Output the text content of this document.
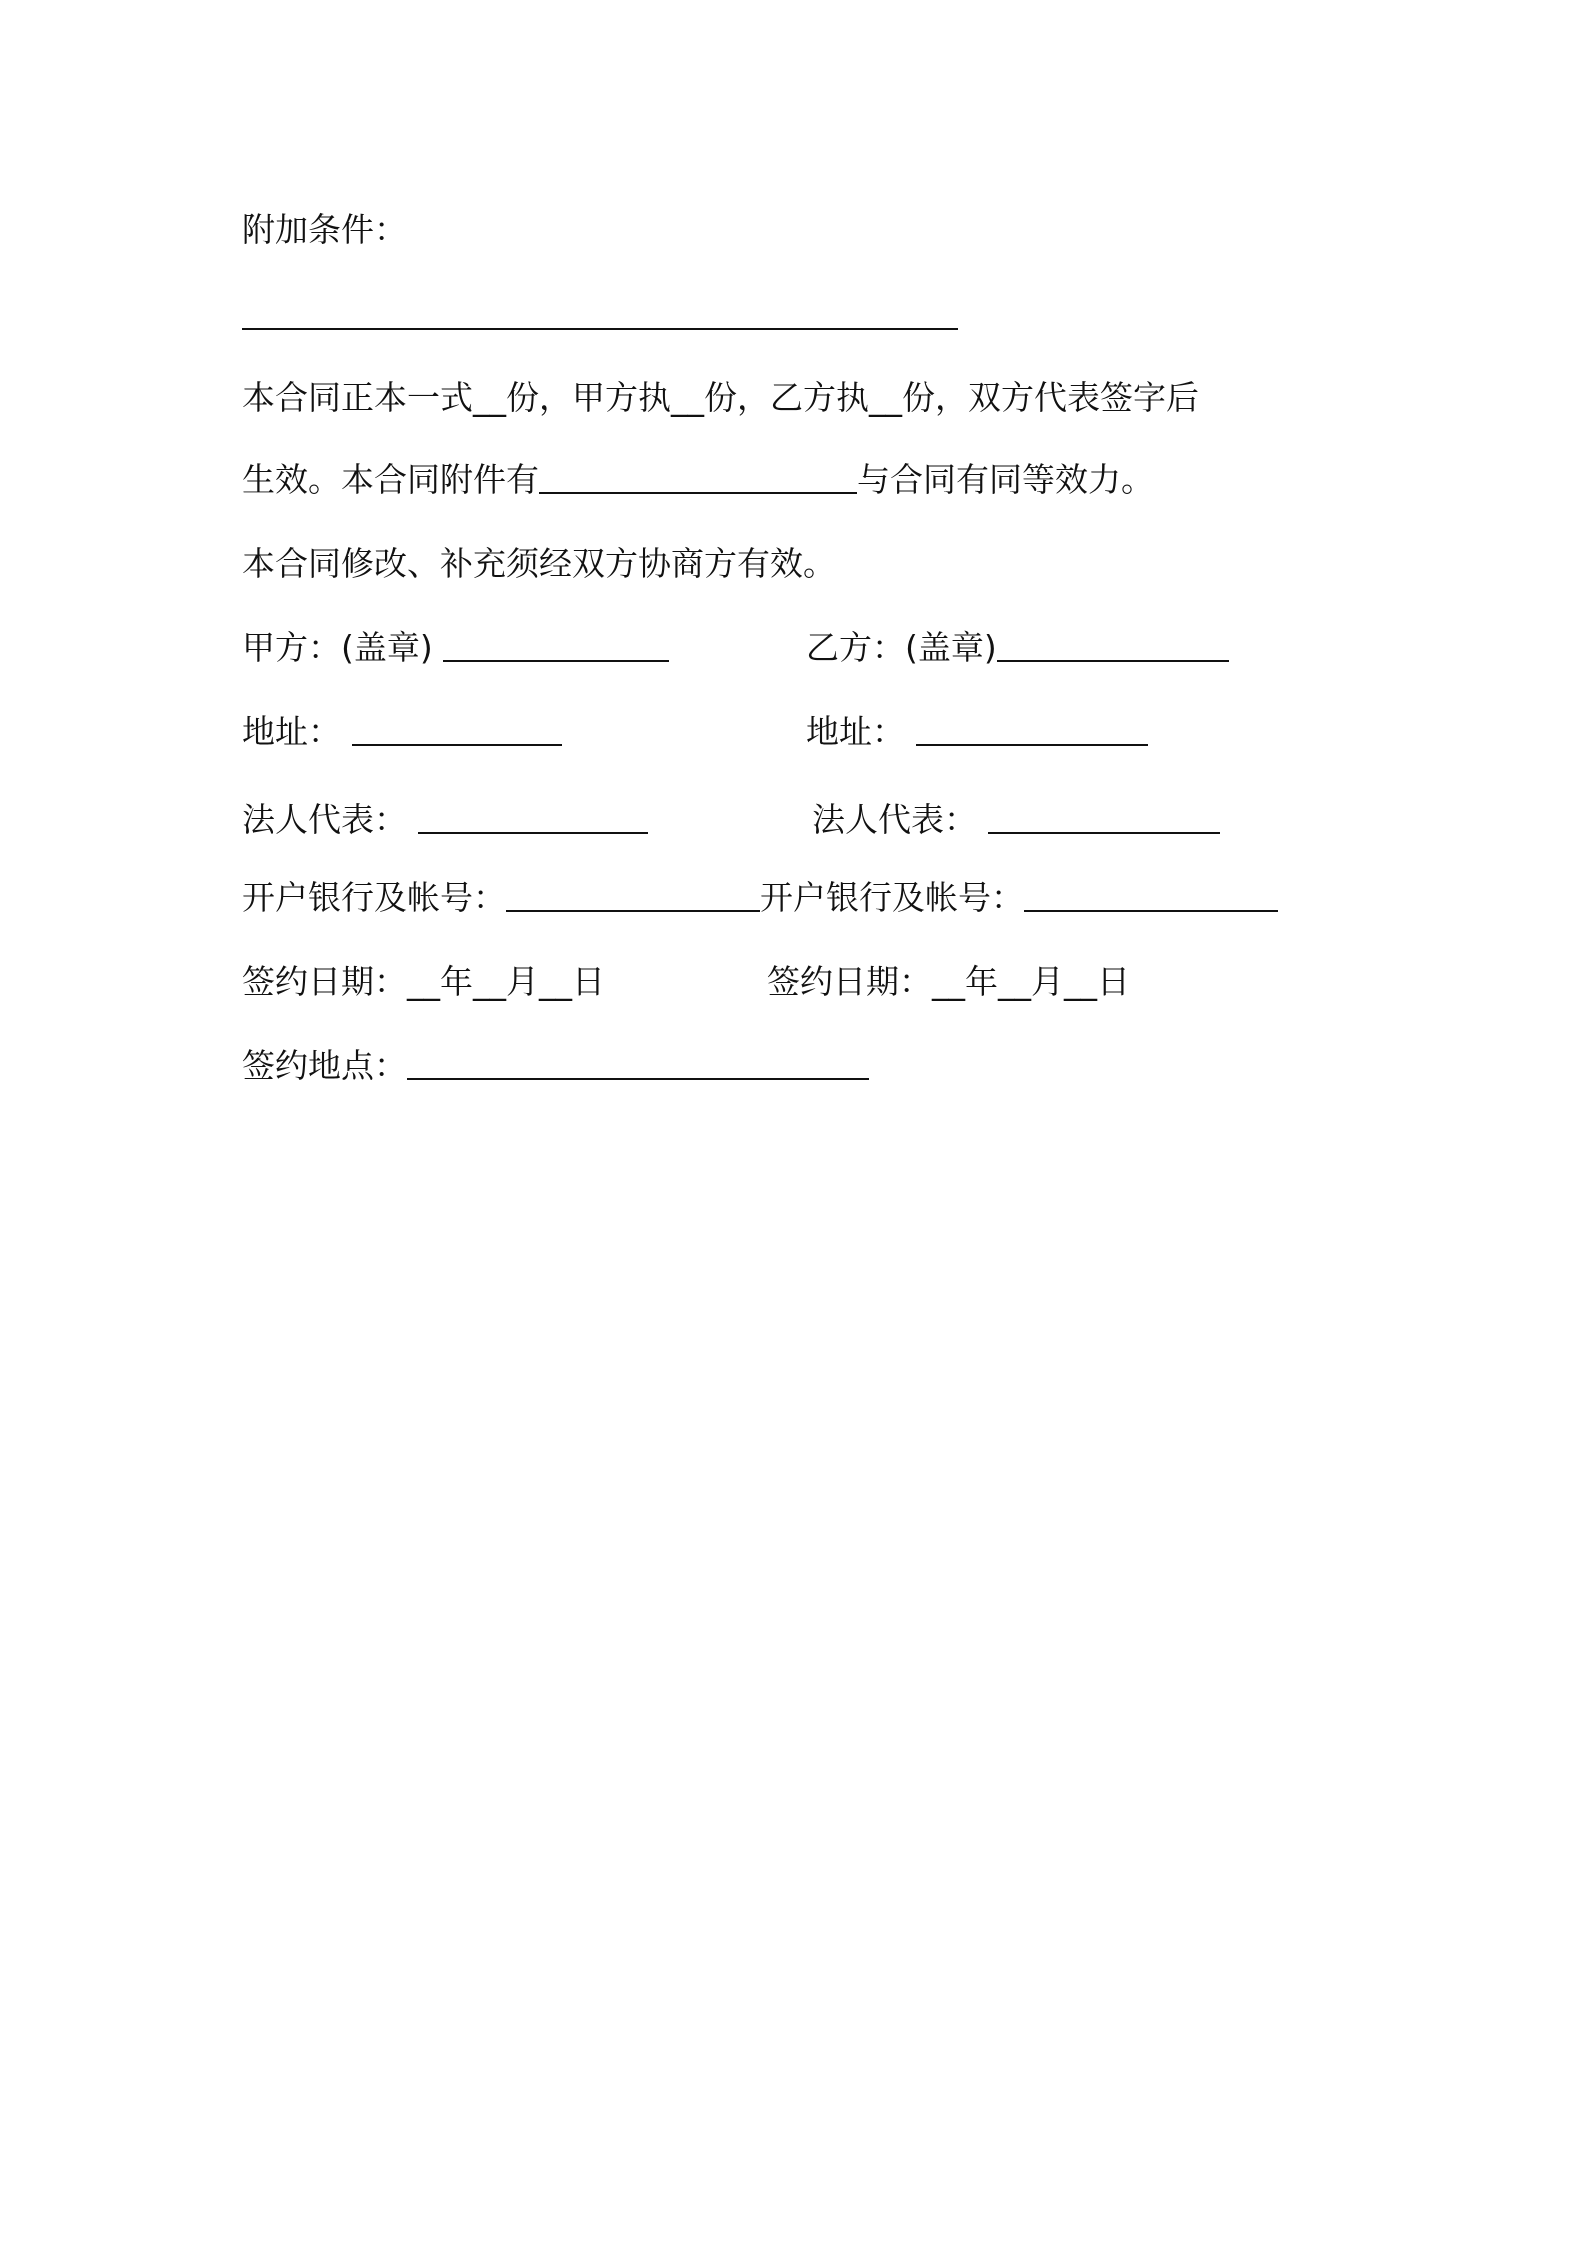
附加条件：
本合同正本一式__份，甲方执__份，乙方执__份，双方代表签字后
生效。本合同附件有	与合同有同等效力。
本合同修改、补充须经双方协商方有效。
甲方：(盖章)	乙方：(盖章)
地址：	地址：
法人代表：	法人代表：
开户银行及帐号：	开户银行及帐号：
签约日期：__年__月__日	签约日期：__年__月__日
签约地点：
